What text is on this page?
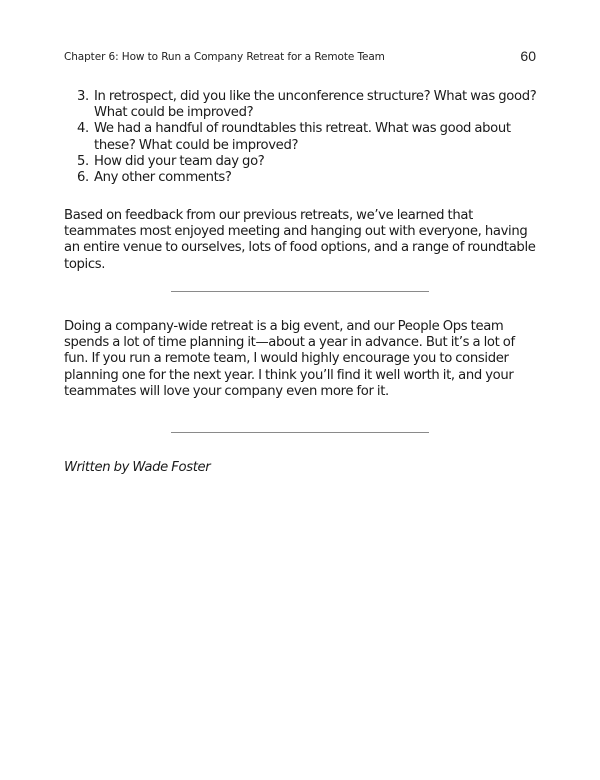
Chapter 6: How to Run a Company Retreat for a Remote Team	60
3. In retrospect, did you like the unconference structure? What was good? What could be improved?
4. We had a handful of roundtables this retreat. What was good about these? What could be improved?
5. How did your team day go?
6. Any other comments?

Based on feedback from our previous retreats, we’ve learned that teammates most enjoyed meeting and hanging out with everyone, having an entire venue to ourselves, lots of food options, and a range of roundtable topics.

Doing a company-wide retreat is a big event, and our People Ops team spends a lot of time planning it—about a year in advance. But it’s a lot of fun. If you run a remote team, I would highly encourage you to consider planning one for the next year. I think you’ll find it well worth it, and your teammates will love your company even more for it.

Written by Wade Foster
